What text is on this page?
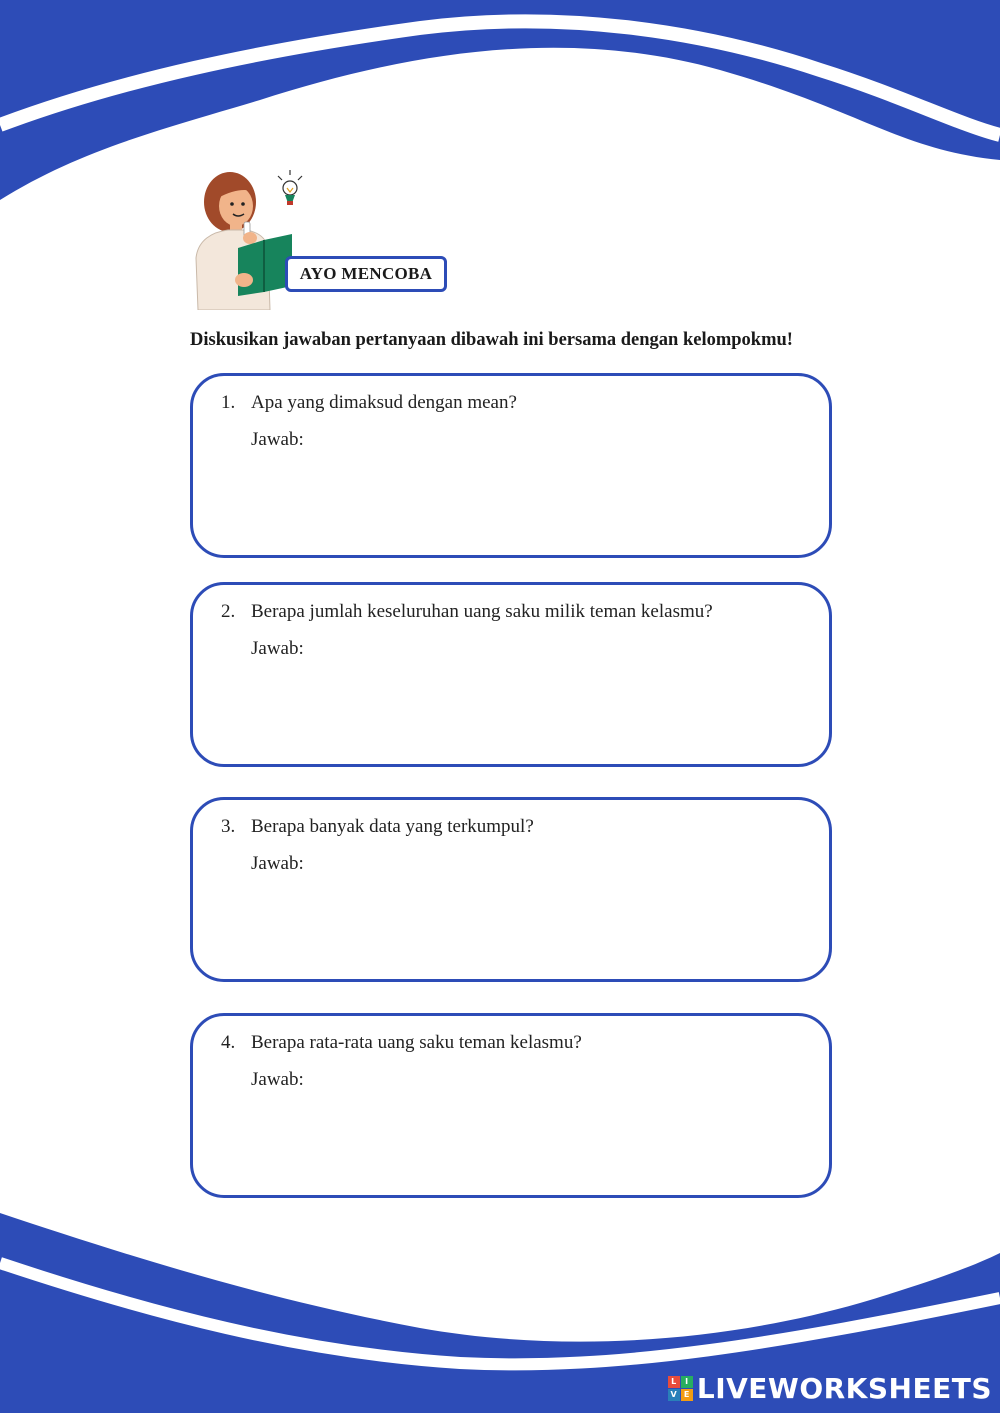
AYO MENCOBA
Diskusikan jawaban pertanyaan dibawah ini bersama dengan kelompokmu!
1. Apa yang dimaksud dengan mean?
Jawab:
2. Berapa jumlah keseluruhan uang saku milik teman kelasmu?
Jawab:
3. Berapa banyak data yang terkumpul?
Jawab:
4. Berapa rata-rata uang saku teman kelasmu?
Jawab:
L	I
V E LIVEWORKSHEETS
